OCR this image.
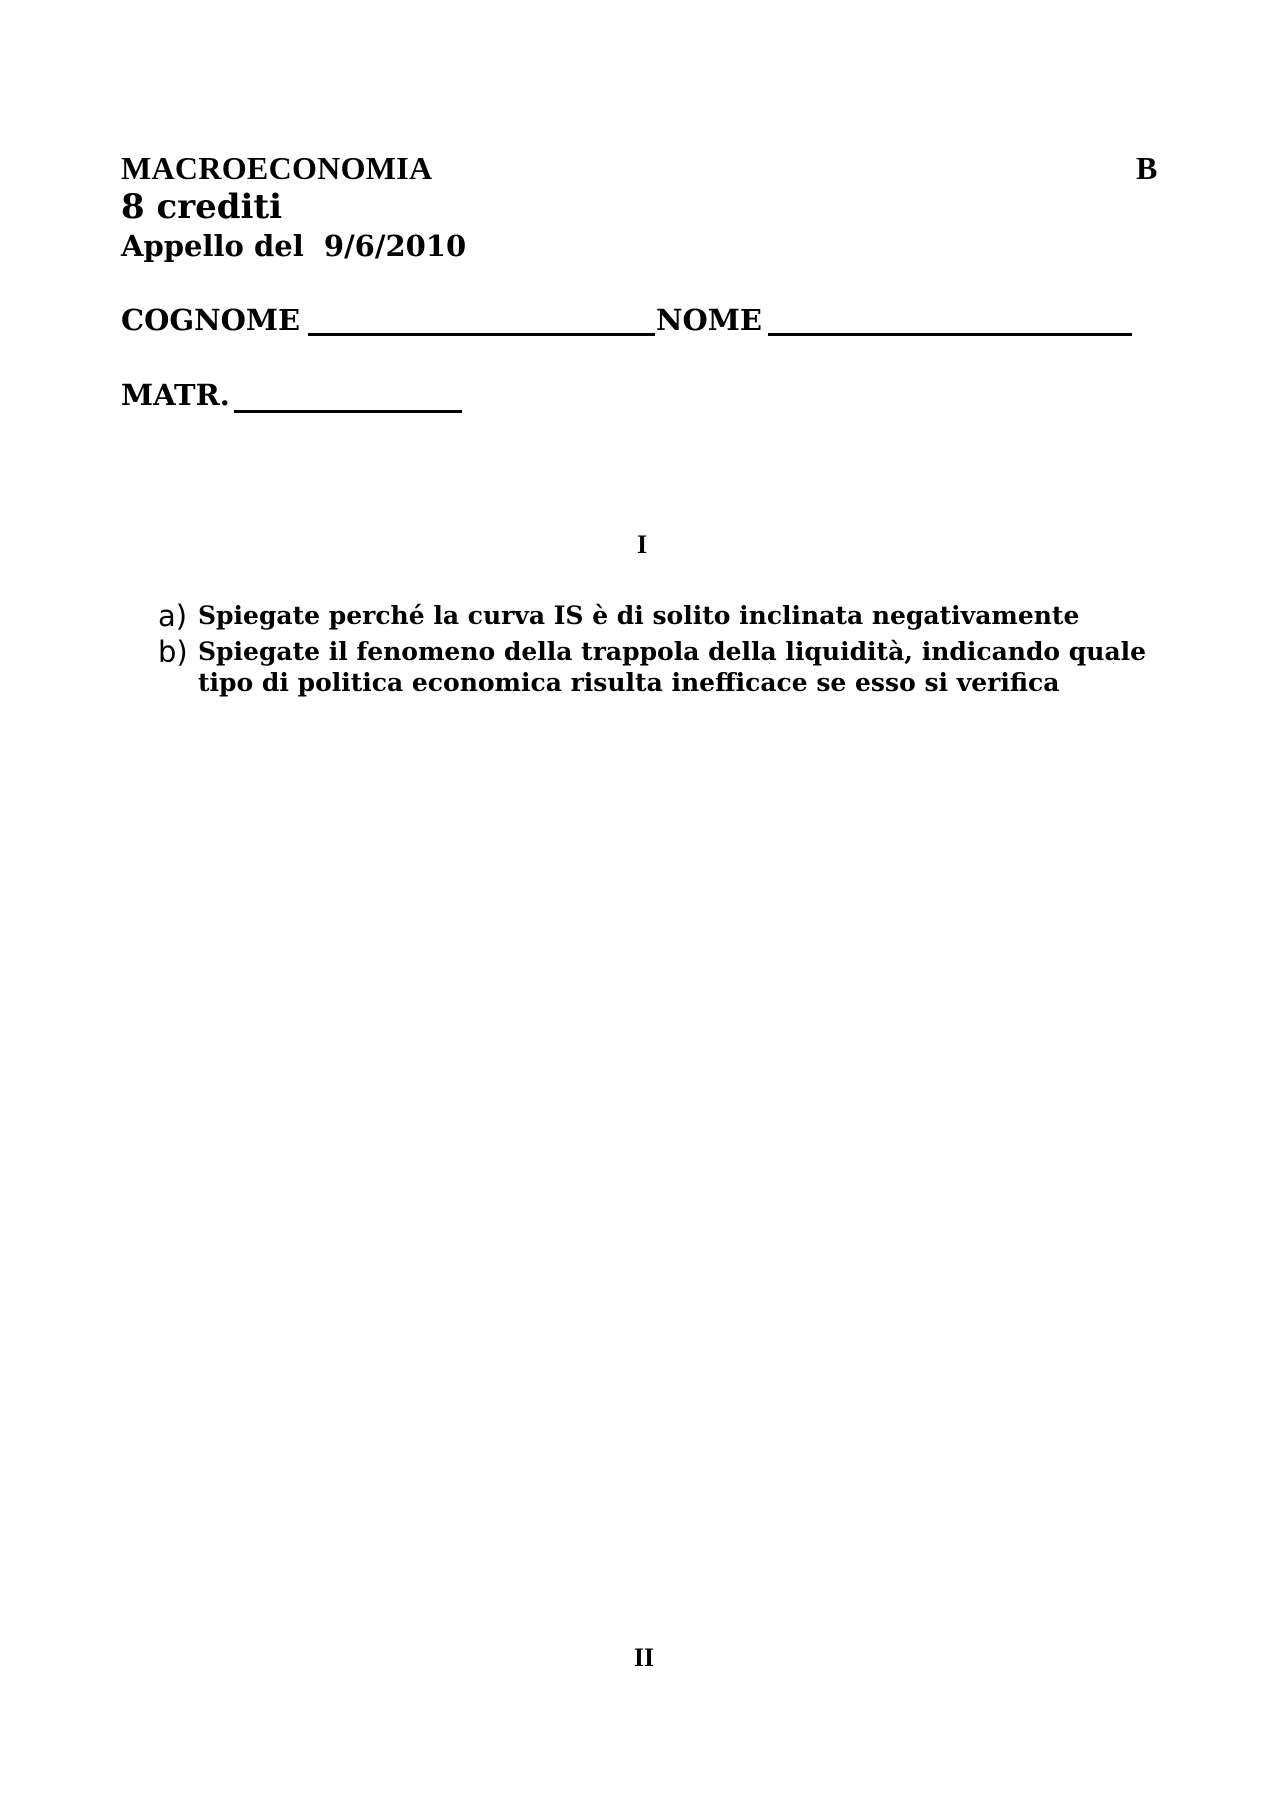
MACROECONOMIA	B
8 crediti
Appello del  9/6/2010
COGNOME	NOME
MATR.
I
a) Spiegate perché la curva IS è di solito inclinata negativamente
b) Spiegate il fenomeno della trappola della liquidità, indicando quale tipo di politica economica risulta inefficace se esso si verifica
II
